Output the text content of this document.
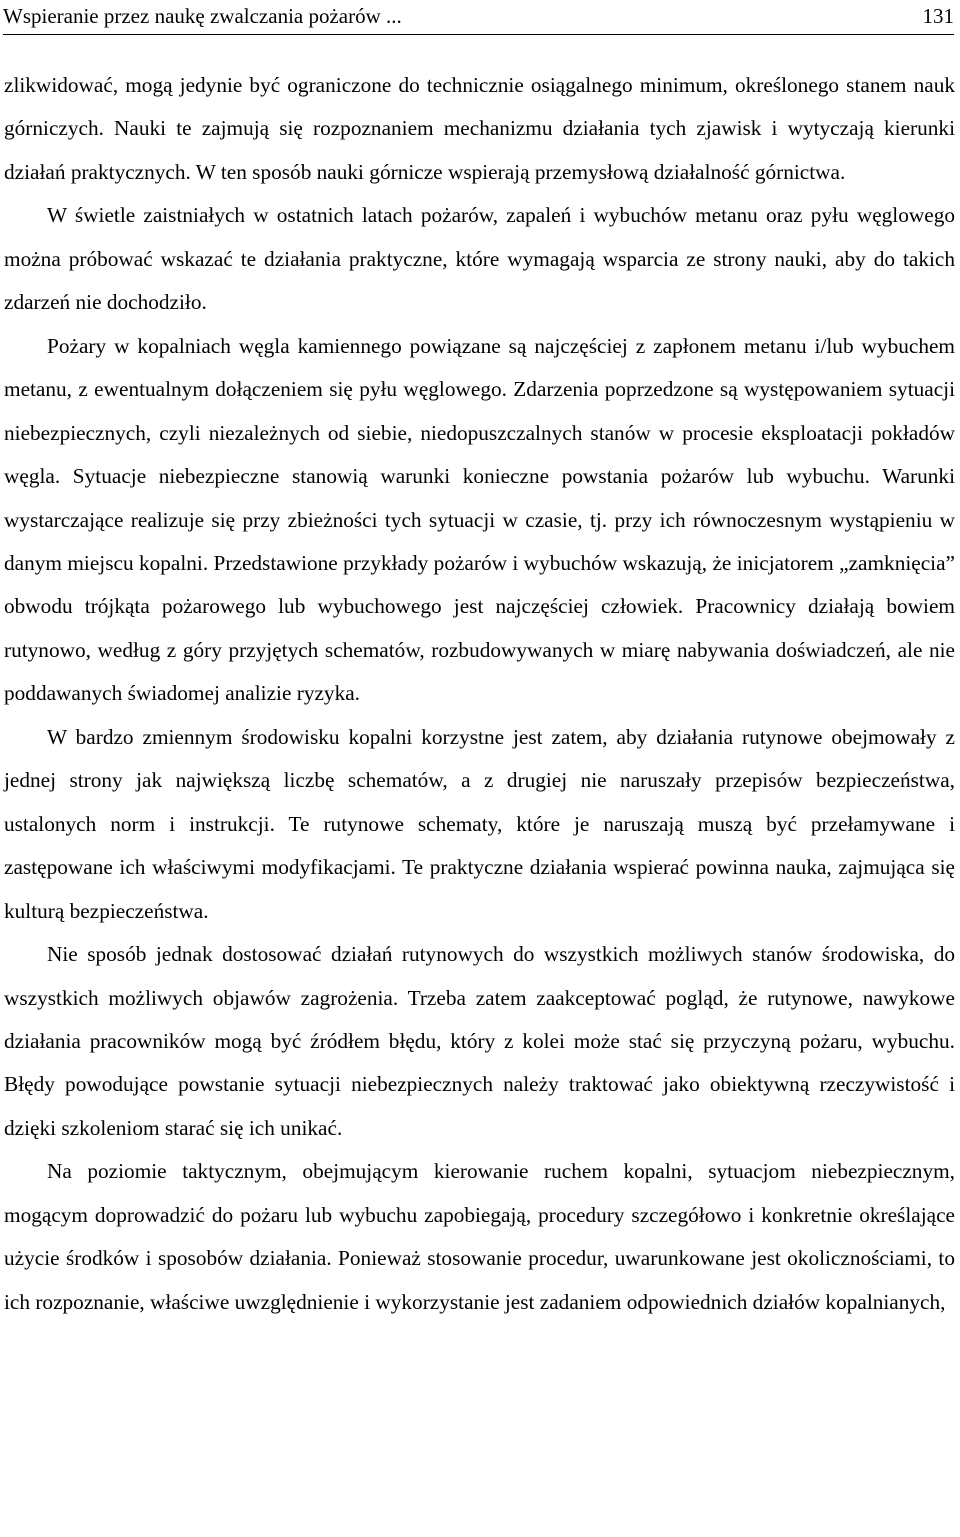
Wspieranie przez naukę zwalczania pożarów ...	131

zlikwidować, mogą jedynie być ograniczone do technicznie osiągalnego minimum, określonego stanem nauk górniczych. Nauki te zajmują się rozpoznaniem mechanizmu działania tych zjawisk i wytyczają kierunki działań praktycznych. W ten sposób nauki górnicze wspierają przemysłową działalność górnictwa.

W świetle zaistniałych w ostatnich latach pożarów, zapaleń i wybuchów metanu oraz pyłu węglowego można próbować wskazać te działania praktyczne, które wymagają wsparcia ze strony nauki, aby do takich zdarzeń nie dochodziło.

Pożary w kopalniach węgla kamiennego powiązane są najczęściej z zapłonem metanu i/lub wybuchem metanu, z ewentualnym dołączeniem się pyłu węglowego. Zdarzenia poprzedzone są występowaniem sytuacji niebezpiecznych, czyli niezależnych od siebie, niedopuszczalnych stanów w procesie eksploatacji pokładów węgla. Sytuacje niebezpieczne stanowią warunki konieczne powstania pożarów lub wybuchu. Warunki wystarczające realizuje się przy zbieżności tych sytuacji w czasie, tj. przy ich równoczesnym wystąpieniu w danym miejscu kopalni. Przedstawione przykłady pożarów i wybuchów wskazują, że inicjatorem „zamknięcia” obwodu trójkąta pożarowego lub wybuchowego jest najczęściej człowiek. Pracownicy działają bowiem rutynowo, według z góry przyjętych schematów, rozbudowywanych w miarę nabywania doświadczeń, ale nie poddawanych świadomej analizie ryzyka.

W bardzo zmiennym środowisku kopalni korzystne jest zatem, aby działania rutynowe obejmowały z jednej strony jak największą liczbę schematów, a z drugiej nie naruszały przepisów bezpieczeństwa, ustalonych norm i instrukcji. Te rutynowe schematy, które je naruszają muszą być przełamywane i zastępowane ich właściwymi modyfikacjami. Te praktyczne działania wspierać powinna nauka, zajmująca się kulturą bezpieczeństwa.

Nie sposób jednak dostosować działań rutynowych do wszystkich możliwych stanów środowiska, do wszystkich możliwych objawów zagrożenia. Trzeba zatem zaakceptować pogląd, że rutynowe, nawykowe działania pracowników mogą być źródłem błędu, który z kolei może stać się przyczyną pożaru, wybuchu. Błędy powodujące powstanie sytuacji niebezpiecznych należy traktować jako obiektywną rzeczywistość i dzięki szkoleniom starać się ich unikać.

Na poziomie taktycznym, obejmującym kierowanie ruchem kopalni, sytuacjom niebezpiecznym, mogącym doprowadzić do pożaru lub wybuchu zapobiegają, procedury szczegółowo i konkretnie określające użycie środków i sposobów działania. Ponieważ stosowanie procedur, uwarunkowane jest okolicznościami, to ich rozpoznanie, właściwe uwzględnienie i wykorzystanie jest zadaniem odpowiednich działów kopalnianych,
